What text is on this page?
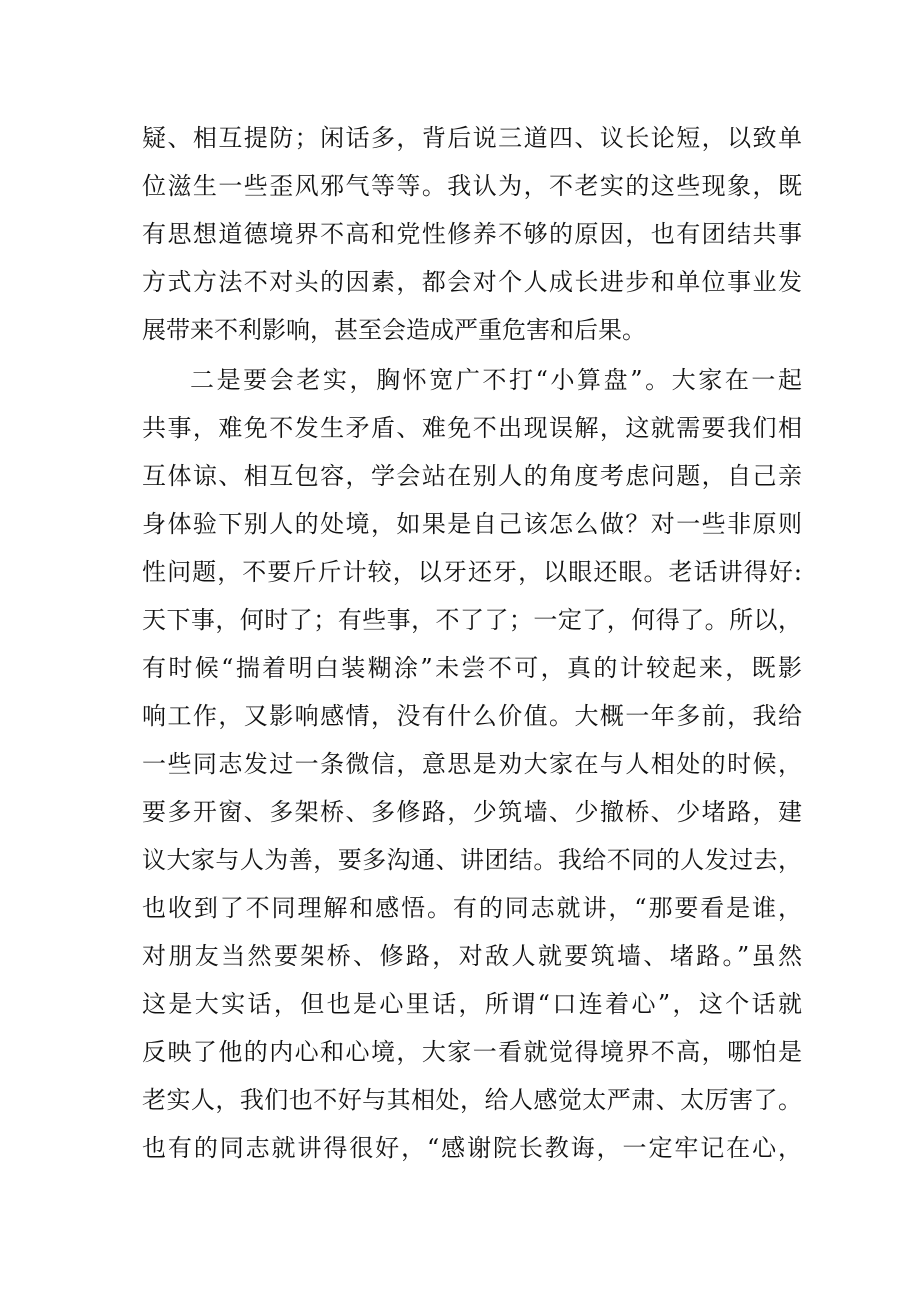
疑、相互提防；闲话多，背后说三道四、议长论短，以致单
位滋生一些歪风邪气等等。我认为，不老实的这些现象，既
有思想道德境界不高和党性修养不够的原因，也有团结共事
方式方法不对头的因素，都会对个人成长进步和单位事业发
展带来不利影响，甚至会造成严重危害和后果。
二是要会老实，胸怀宽广不打“小算盘”。大家在一起
共事，难免不发生矛盾、难免不出现误解，这就需要我们相
互体谅、相互包容，学会站在别人的角度考虑问题，自己亲
身体验下别人的处境，如果是自己该怎么做？对一些非原则
性问题，不要斤斤计较，以牙还牙，以眼还眼。老话讲得好:
天下事，何时了；有些事，不了了；一定了，何得了。所以，
有时候“揣着明白装糊涂”未尝不可，真的计较起来，既影
响工作，又影响感情，没有什么价值。大概一年多前，我给
一些同志发过一条微信，意思是劝大家在与人相处的时候，
要多开窗、多架桥、多修路，少筑墙、少撤桥、少堵路，建
议大家与人为善，要多沟通、讲团结。我给不同的人发过去，
也收到了不同理解和感悟。有的同志就讲，“那要看是谁，
对朋友当然要架桥、修路，对敌人就要筑墙、堵路。”虽然
这是大实话，但也是心里话，所谓“口连着心”，这个话就
反映了他的内心和心境，大家一看就觉得境界不高，哪怕是
老实人，我们也不好与其相处，给人感觉太严肃、太厉害了。
也有的同志就讲得很好，“感谢院长教诲，一定牢记在心，
